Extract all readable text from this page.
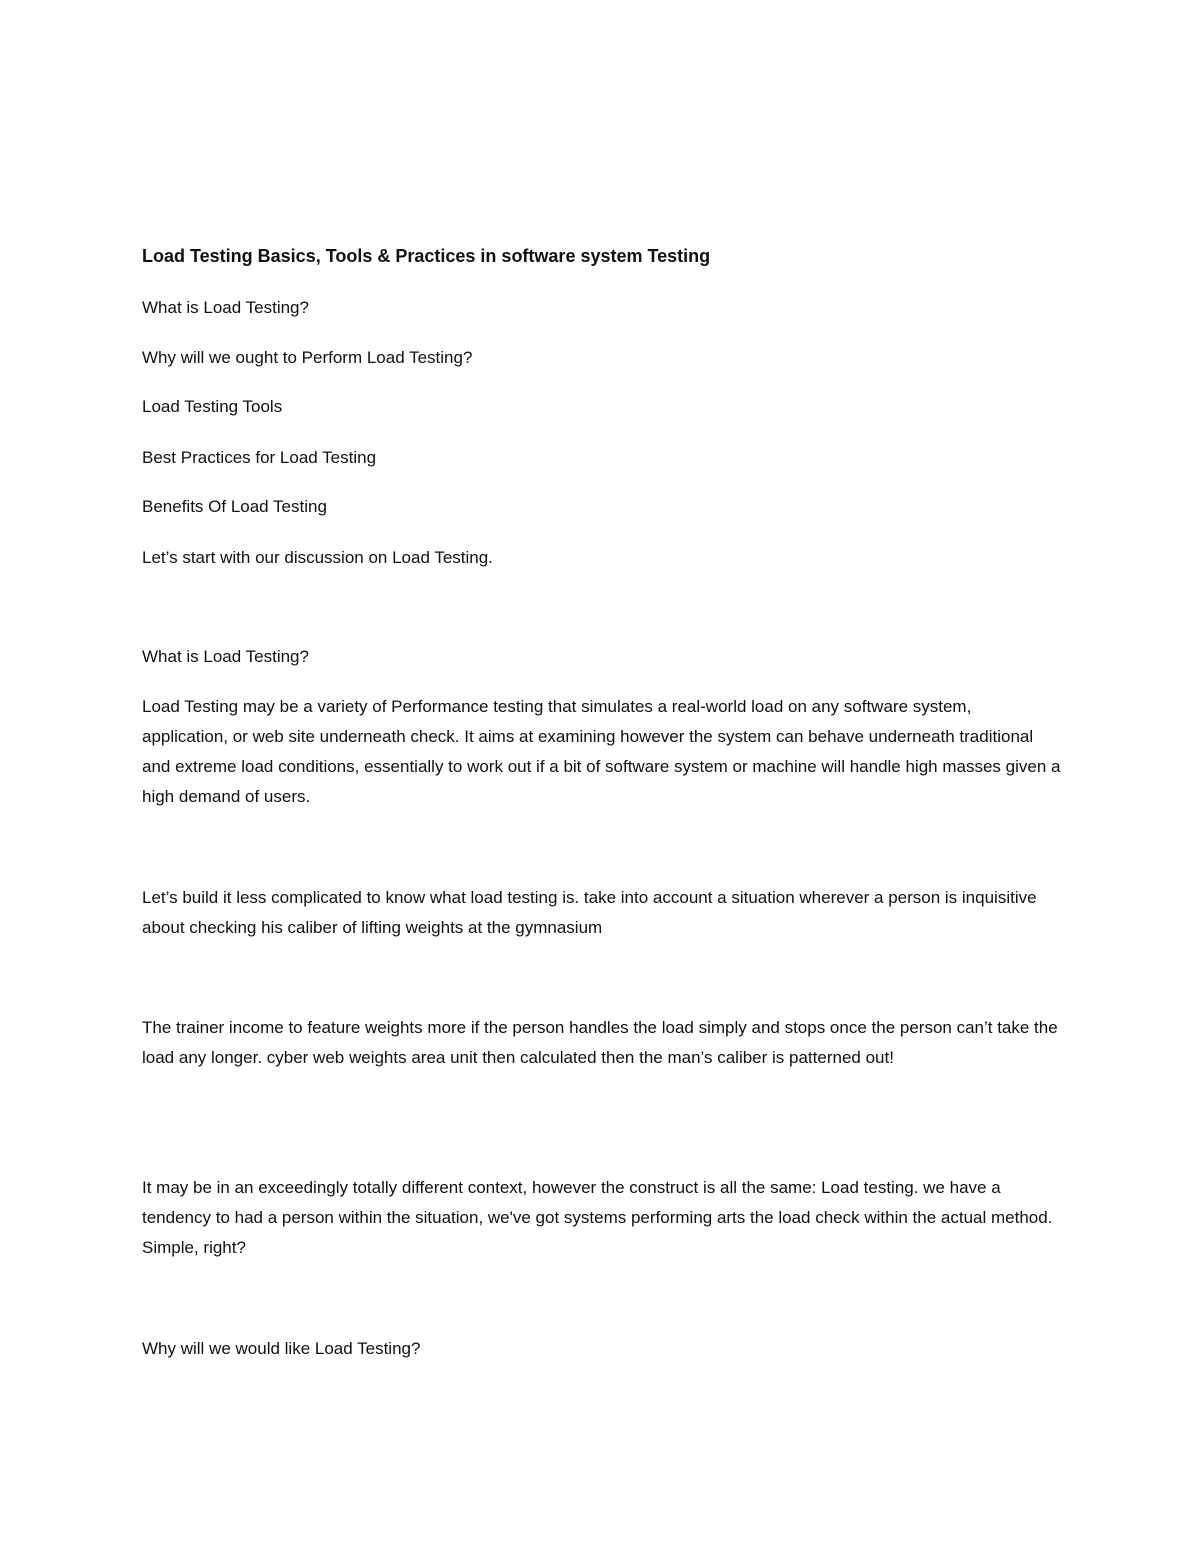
Load Testing Basics, Tools & Practices in software system Testing

What is Load Testing?

Why will we ought to Perform Load Testing?

Load Testing Tools

Best Practices for Load Testing

Benefits Of Load Testing

Let’s start with our discussion on Load Testing.

What is Load Testing?

Load Testing may be a variety of Performance testing that simulates a real-world load on any software system, application, or web site underneath check. It aims at examining however the system can behave underneath traditional and extreme load conditions, essentially to work out if a bit of software system or machine will handle high masses given a high demand of users.

Let’s build it less complicated to know what load testing is. take into account a situation wherever a person is inquisitive about checking his caliber of lifting weights at the gymnasium

The trainer income to feature weights more if the person handles the load simply and stops once the person can’t take the load any longer. cyber web weights area unit then calculated then the man’s caliber is patterned out!

It may be in an exceedingly totally different context, however the construct is all the same: Load testing. we have a tendency to had a person within the situation, we've got systems performing arts the load check within the actual method. Simple, right?

Why will we would like Load Testing?
